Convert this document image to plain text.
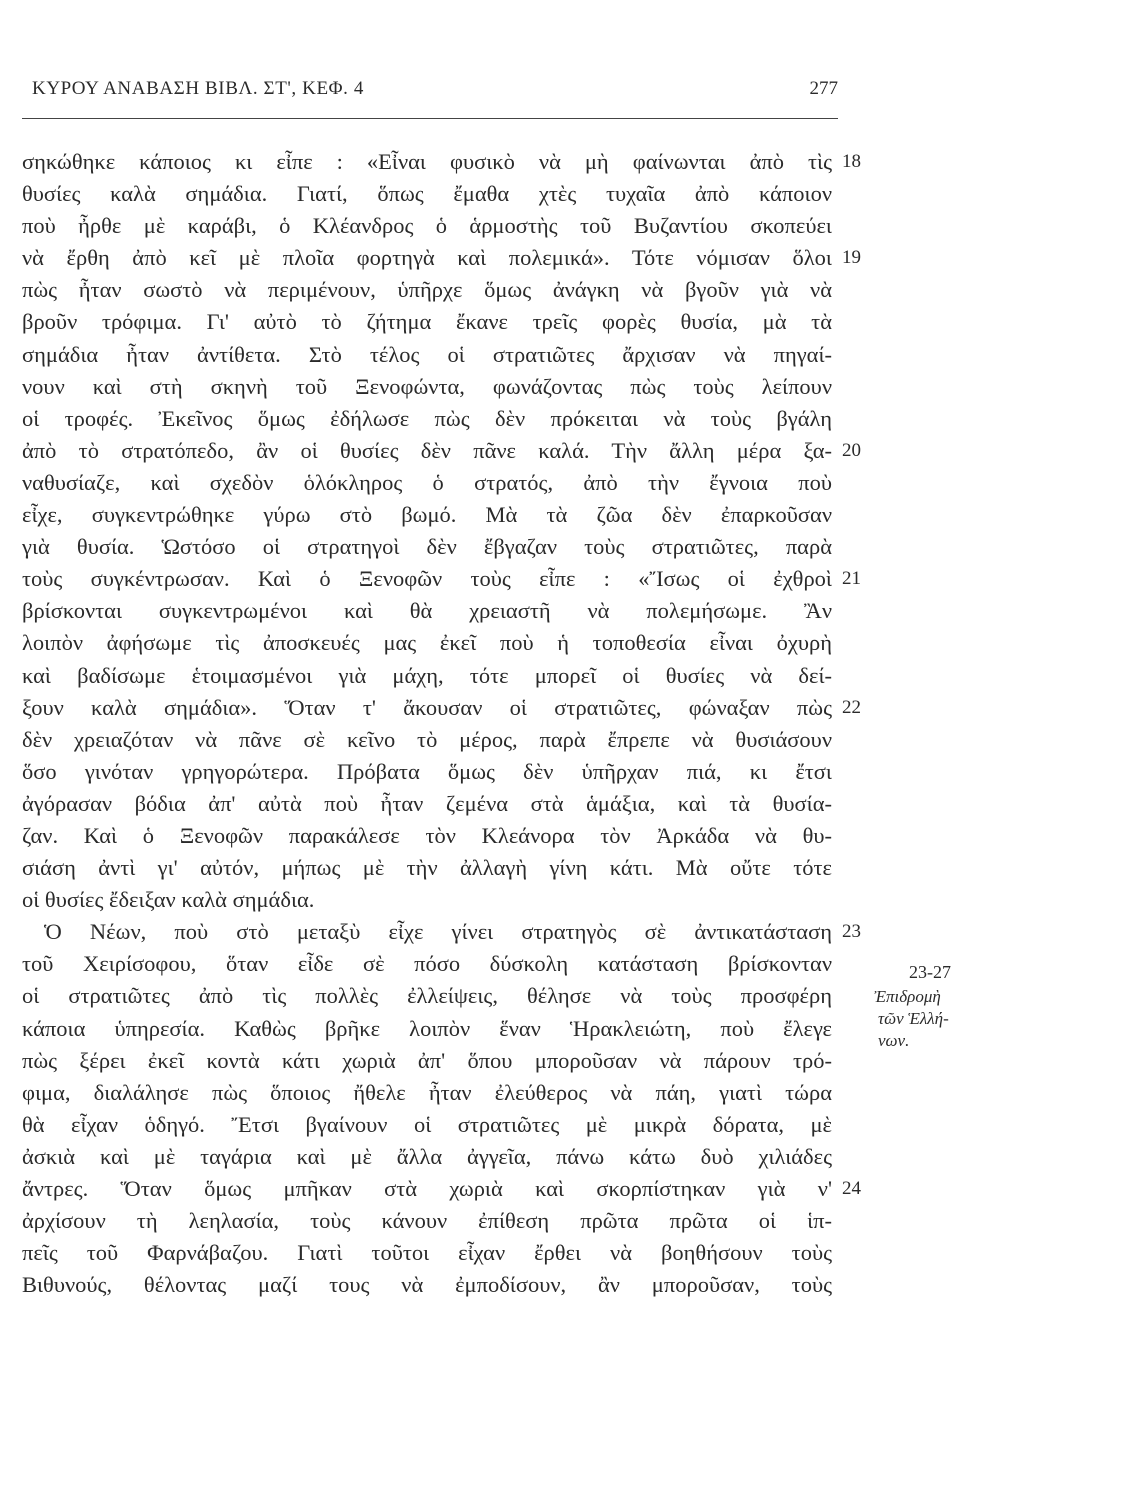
ΚΥΡΟΥ ΑΝΑΒΑΣΗ ΒΙΒΛ. ΣΤ', ΚΕΦ. 4	277
σηκώθηκε κάποιος κι εἶπε : «Εἶναι φυσικὸ νὰ μὴ φαίνωνται ἀπὸ τὶς 18
θυσίες καλὰ σημάδια. Γιατί, ὅπως ἔμαθα χτὲς τυχαῖα ἀπὸ κάποιον
ποὺ ἦρθε μὲ καράβι, ὁ Κλέανδρος ὁ ἁρμοστὴς τοῦ Βυζαντίου σκοπεύει
νὰ ἔρθη ἀπὸ κεῖ μὲ πλοῖα φορτηγὰ καὶ πολεμικά». Τότε νόμισαν ὅλοι 19
πὼς ἦταν σωστὸ νὰ περιμένουν, ὑπῆρχε ὅμως ἀνάγκη νὰ βγοῦν γιὰ νὰ
βροῦν τρόφιμα. Γι' αὐτὸ τὸ ζήτημα ἔκανε τρεῖς φορὲς θυσία, μὰ τὰ
σημάδια ἦταν ἀντίθετα. Στὸ τέλος οἱ στρατιῶτες ἄρχισαν νὰ πηγαί-
νουν καὶ στὴ σκηνὴ τοῦ Ξενοφώντα, φωνάζοντας πὼς τοὺς λείπουν
οἱ τροφές. Ἐκεῖνος ὅμως ἐδήλωσε πὼς δὲν πρόκειται νὰ τοὺς βγάλη
ἀπὸ τὸ στρατόπεδο, ἂν οἱ θυσίες δὲν πᾶνε καλά. Τὴν ἄλλη μέρα ξα- 20
ναθυσίαζε, καὶ σχεδὸν ὁλόκληρος ὁ στρατός, ἀπὸ τὴν ἔγνοια ποὺ
εἶχε, συγκεντρώθηκε γύρω στὸ βωμό. Μὰ τὰ ζῶα δὲν ἐπαρκοῦσαν
γιὰ θυσία. Ὡστόσο οἱ στρατηγοὶ δὲν ἔβγαζαν τοὺς στρατιῶτες, παρὰ
τοὺς συγκέντρωσαν. Καὶ ὁ Ξενοφῶν τοὺς εἶπε : «Ἴσως οἱ ἐχθροὶ 21
βρίσκονται συγκεντρωμένοι καὶ θὰ χρειαστῆ νὰ πολεμήσωμε. Ἂν
λοιπὸν ἀφήσωμε τὶς ἀποσκευές μας ἐκεῖ ποὺ ἡ τοποθεσία εἶναι ὀχυρὴ
καὶ βαδίσωμε ἑτοιμασμένοι γιὰ μάχη, τότε μπορεῖ οἱ θυσίες νὰ δεί-
ξουν καλὰ σημάδια». Ὅταν τ' ἄκουσαν οἱ στρατιῶτες, φώναξαν πὼς 22
δὲν χρειαζόταν νὰ πᾶνε σὲ κεῖνο τὸ μέρος, παρὰ ἔπρεπε νὰ θυσιάσουν
ὅσο γινόταν γρηγορώτερα. Πρόβατα ὅμως δὲν ὑπῆρχαν πιά, κι ἔτσι
ἀγόρασαν βόδια ἀπ' αὐτὰ ποὺ ἦταν ζεμένα στὰ ἁμάξια, καὶ τὰ θυσία-
ζαν. Καὶ ὁ Ξενοφῶν παρακάλεσε τὸν Κλεάνορα τὸν Ἀρκάδα νὰ θυ-
σιάση ἀντὶ γι' αὐτόν, μήπως μὲ τὴν ἀλλαγὴ γίνη κάτι. Μὰ οὔτε τότε
οἱ θυσίες ἔδειξαν καλὰ σημάδια.
Ὁ Νέων, ποὺ στὸ μεταξὺ εἶχε γίνει στρατηγὸς σὲ ἀντικατάσταση 23
τοῦ Χειρίσοφου, ὅταν εἶδε σὲ πόσο δύσκολη κατάσταση βρίσκονταν
οἱ στρατιῶτες ἀπὸ τὶς πολλὲς ἐλλείψεις, θέλησε νὰ τοὺς προσφέρη
κάποια ὑπηρεσία. Καθὼς βρῆκε λοιπὸν ἕναν Ἡρακλειώτη, ποὺ ἔλεγε
πὼς ξέρει ἐκεῖ κοντὰ κάτι χωριὰ ἀπ' ὅπου μποροῦσαν νὰ πάρουν τρό-
φιμα, διαλάλησε πὼς ὅποιος ἤθελε ἦταν ἐλεύθερος νὰ πάη, γιατὶ τώρα
θὰ εἶχαν ὁδηγό. Ἔτσι βγαίνουν οἱ στρατιῶτες μὲ μικρὰ δόρατα, μὲ
ἀσκιὰ καὶ μὲ ταγάρια καὶ μὲ ἄλλα ἀγγεῖα, πάνω κάτω δυὸ χιλιάδες
ἄντρες. Ὅταν ὅμως μπῆκαν στὰ χωριὰ καὶ σκορπίστηκαν γιὰ ν' 24
ἀρχίσουν τὴ λεηλασία, τοὺς κάνουν ἐπίθεση πρῶτα πρῶτα οἱ ἱπ-
πεῖς τοῦ Φαρνάβαζου. Γιατὶ τοῦτοι εἶχαν ἔρθει νὰ βοηθήσουν τοὺς
Βιθυνούς, θέλοντας μαζί τους νὰ ἐμποδίσουν, ἂν μποροῦσαν, τοὺς
23-27
Ἐπιδρομὴ
τῶν Ἑλλή-
νων.
